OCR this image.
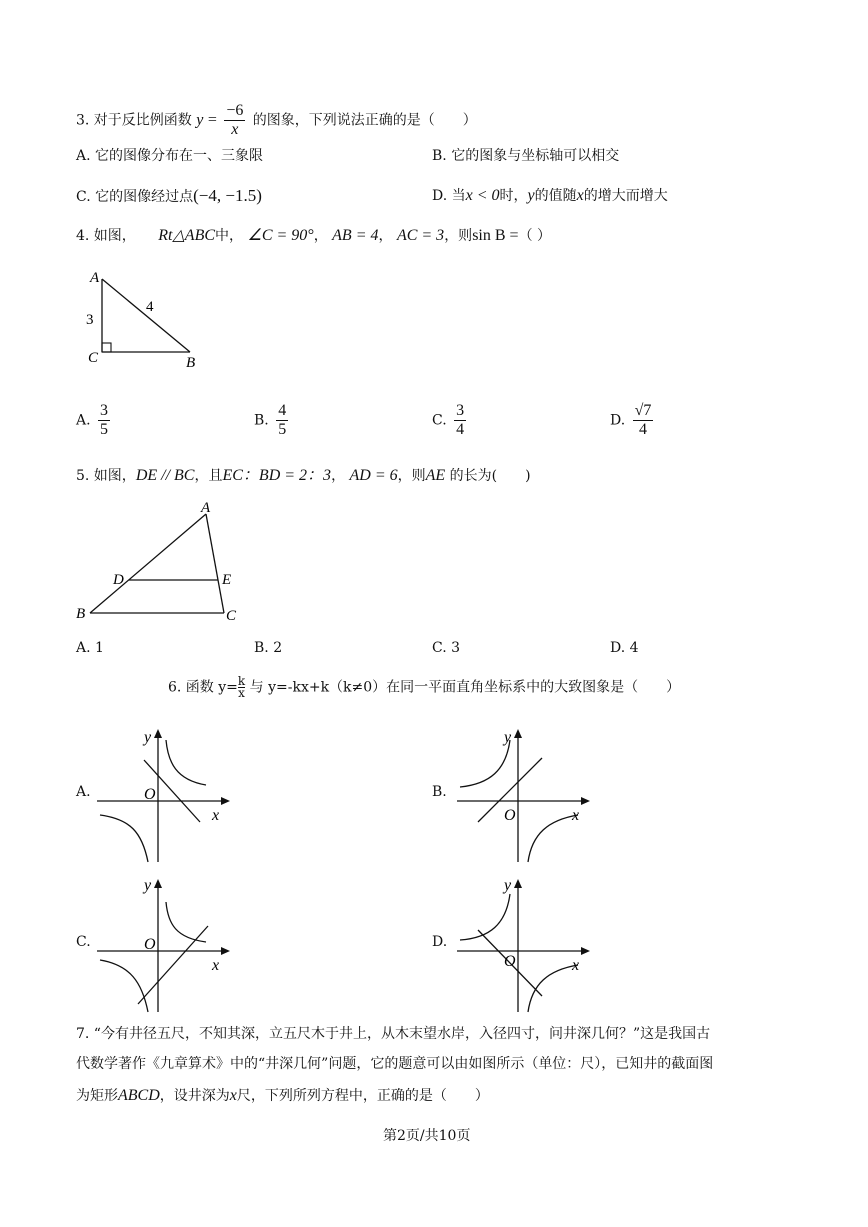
3. 对于反比例函数 $y = \frac{-6}{x}$ 的图象，下列说法正确的是（　　）
A. 它的图像分布在一、三象限	B. 它的图象与坐标轴可以相交
C. 它的图像经过点(−4, −1.5)	D. 当x < 0时，y的值随x的增大而增大
4. 如图， Rt△ABC中， ∠C = 90°， AB = 4， AC = 3，则sin B =（ ）
A
C	B
3
4
A. $\frac{3}{5}$	B. $\frac{4}{5}$	C. $\frac{3}{4}$	D. $\frac{√7}{4}$
5. 如图，DE // BC，且EC：BD = 2：3， AD = 6，则AE 的长为(　　)
A
D	E
B	C
A. 1	B. 2	C. 3	D. 4
6. 函数 $y= \frac{k}{x}$ 与 y=-kx+k（k≠0）在同一平面直角坐标系中的大致图象是（　　）
A.
y
x
O	B.
y
x
O
C.
y
x
O	D.
y
x
O
7. “今有井径五尺，不知其深，立五尺木于井上，从木末望水岸，入径四寸，问井深几何？”这是我国古
代数学著作《九章算术》中的“井深几何”问题，它的题意可以由如图所示（单位：尺），已知井的截面图
为矩形ABCD，设井深为x尺，下列所列方程中，正确的是（　　）
第2页/共10页
